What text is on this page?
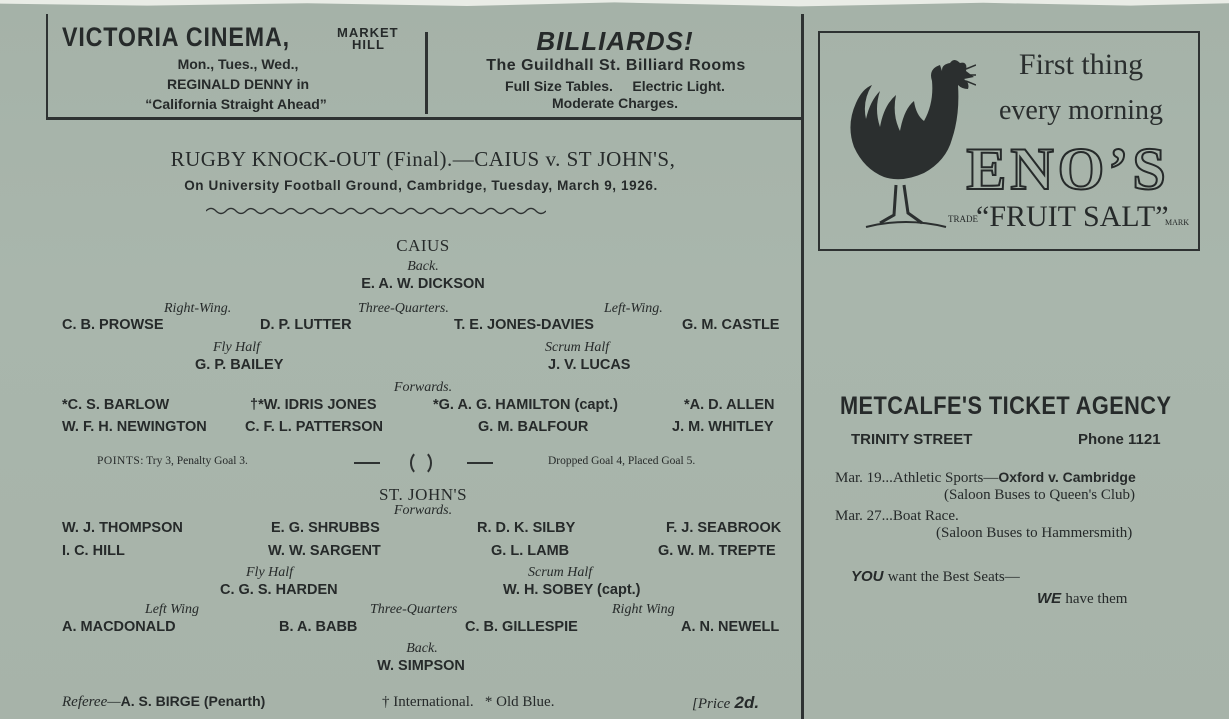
VICTORIA CINEMA,	MARKET
HILL
Mon., Tues., Wed.,
REGINALD DENNY in
“California Straight Ahead”
BILLIARDS!
The Guildhall St. Billiard Rooms
Full Size Tables.     Electric Light.
Moderate Charges.
First thing
every morning
ENO’S
TRADE
“FRUIT SALT”
MARK
METCALFE'S TICKET AGENCY
TRINITY STREET	Phone 1121
Mar. 19...Athletic Sports—Oxford v. Cambridge
(Saloon Buses to Queen's Club)
Mar. 27...Boat Race.
(Saloon Buses to Hammersmith)
YOU want the Best Seats—
WE have them
RUGBY KNOCK-OUT (Final).—CAIUS v. ST JOHN'S,
On University Football Ground, Cambridge, Tuesday, March 9, 1926.
CAIUS
Back.
E. A. W. DICKSON
Right-Wing.	Three-Quarters.	Left-Wing.
C. B. PROWSE	D. P. LUTTER	T. E. JONES-DAVIES	G. M. CASTLE
Fly Half
G. P. BAILEY
Scrum Half
J. V. LUCAS
Forwards.
*C. S. BARLOW	†*W. IDRIS JONES	*G. A. G. HAMILTON (capt.)	*A. D. ALLEN
W. F. H. NEWINGTON	C. F. L. PATTERSON	G. M. BALFOUR	J. M. WHITLEY
POINTS: Try 3, Penalty Goal 3.	Dropped Goal 4, Placed Goal 5.
ST. JOHN'S
Forwards.
W. J. THOMPSON	E. G. SHRUBBS	R. D. K. SILBY	F. J. SEABROOK
I. C. HILL	W. W. SARGENT	G. L. LAMB	G. W. M. TREPTE
Fly Half
C. G. S. HARDEN
Scrum Half
W. H. SOBEY (capt.)
Left Wing	Three-Quarters	Right Wing
A. MACDONALD	B. A. BABB	C. B. GILLESPIE	A. N. NEWELL
Back.
W. SIMPSON
Referee—A. S. BIRGE (Penarth)	† International.   * Old Blue.	[Price 2d.
